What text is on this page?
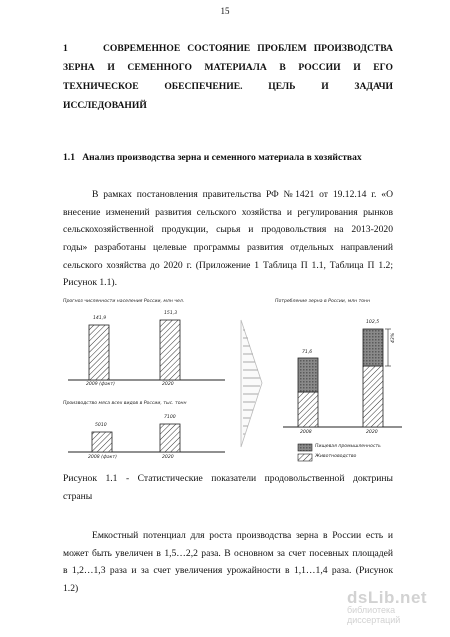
15
1     СОВРЕМЕННОЕ СОСТОЯНИЕ ПРОБЛЕМ ПРОИЗВОДСТВА
ЗЕРНА И СЕМЕННОГО МАТЕРИАЛА В РОССИИ И ЕГО
ТЕХНИЧЕСКОЕ ОБЕСПЕЧЕНИЕ. ЦЕЛЬ И ЗАДАЧИ
ИССЛЕДОВАНИЙ
1.1   Анализ производства зерна и семенного материала в хозяйствах
В рамках постановления правительства РФ №1421 от 19.12.14 г. «О
внесение изменений развития сельского хозяйства и регулирования рынков
сельскохозяйственной продукции, сырья и продовольствия на 2013-2020
годы» разработаны целевые программы развития отдельных направлений
сельского хозяйства до 2020 г. (Приложение 1 Таблица П 1.1, Таблица П 1.2;
Рисунок 1.1).
Прогноз численности населения России, млн чел.
141,9
151,3
2009 (факт)	2020
Производство мяса всех видов в России, тыс. тонн
5010
7100
2008 (факт)	2020
Потребление зерна в России, млн тонн
71,6
102,5
43%
2008	2020
Пищевая промышленность
Животноводство
Рисунок 1.1 - Статистические показатели продовольственной доктрины
страны
Емкостный потенциал для роста производства зерна в России есть и
может быть увеличен в 1,5…2,2 раза. В основном за счет посевных площадей
в 1,2…1,3 раза и за счет увеличения урожайности в 1,1…1,4 раза. (Рисунок
1.2)	dsLib.net
библиотека диссертаций
